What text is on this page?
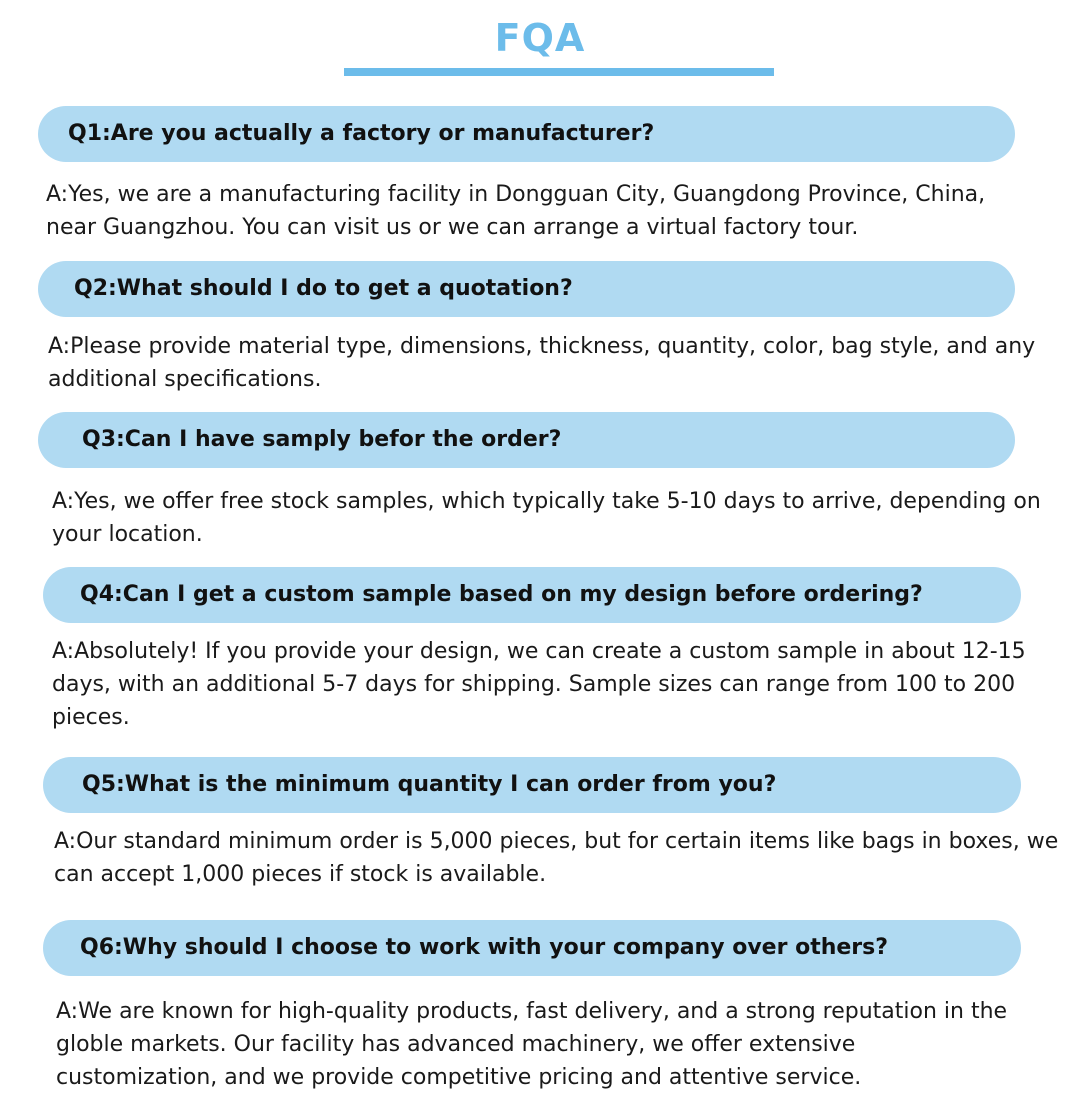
FQA
Q1:Are you actually a factory or manufacturer?
A:Yes, we are a manufacturing facility in Dongguan City, Guangdong Province, China, near Guangzhou. You can visit us or we can arrange a virtual factory tour.
Q2:What should I do to get a quotation?
A:Please provide material type, dimensions, thickness, quantity, color, bag style, and any additional specifications.
Q3:Can I have samply befor the order?
A:Yes, we offer free stock samples, which typically take 5-10 days to arrive, depending on your location.
Q4:Can I get a custom sample based on my design before ordering?
A:Absolutely! If you provide your design, we can create a custom sample in about 12-15 days, with an additional 5-7 days for shipping. Sample sizes can range from 100 to 200 pieces.
Q5:What is the minimum quantity I can order from you?
A:Our standard minimum order is 5,000 pieces, but for certain items like bags in boxes, we can accept 1,000 pieces if stock is available.
Q6:Why should I choose to work with your company over others?
A:We are known for high-quality products, fast delivery, and a strong reputation in the globle markets. Our facility has advanced machinery, we offer extensive customization, and we provide competitive pricing and attentive service.
